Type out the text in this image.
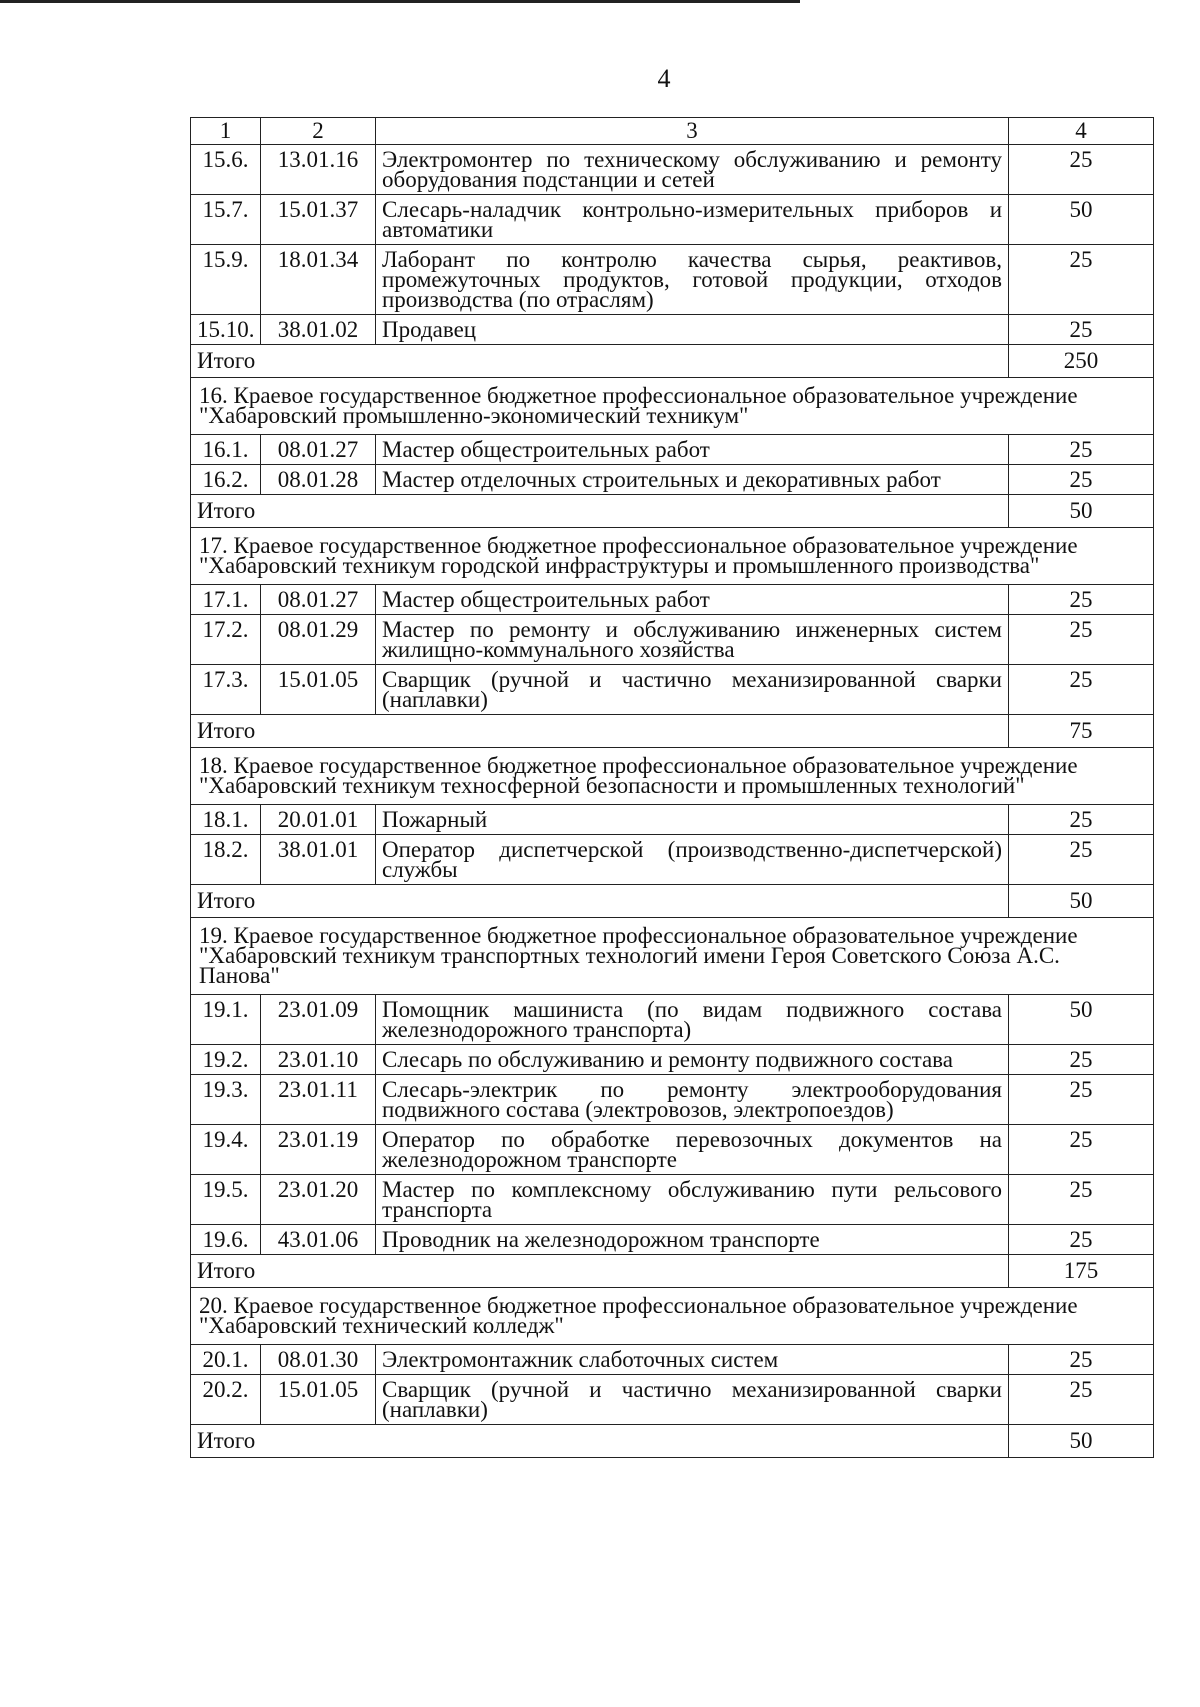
4
1	2	3	4
15.6.	13.01.16	Электромонтер по техническому обслуживанию и ремонту оборудования подстанции и сетей	25
15.7.	15.01.37	Слесарь-наладчик контрольно-измерительных приборов и автоматики	50
15.9.	18.01.34	Лаборант по контролю качества сырья, реактивов, промежуточных продуктов, готовой продукции, отходов производства (по отраслям)	25
15.10.	38.01.02	Продавец	25
Итого			250
16. Краевое государственное бюджетное профессиональное образовательное учреждение "Хабаровский промышленно-экономический техникум"			
16.1.	08.01.27	Мастер общестроительных работ	25
16.2.	08.01.28	Мастер отделочных строительных и декоративных работ	25
Итого			50
17. Краевое государственное бюджетное профессиональное образовательное учреждение "Хабаровский техникум городской инфраструктуры и промышленного производства"			
17.1.	08.01.27	Мастер общестроительных работ	25
17.2.	08.01.29	Мастер по ремонту и обслуживанию инженерных систем жилищно-коммунального хозяйства	25
17.3.	15.01.05	Сварщик (ручной и частично механизированной сварки (наплавки)	25
Итого			75
18. Краевое государственное бюджетное профессиональное образовательное учреждение "Хабаровский техникум техносферной безопасности и промышленных технологий"			
18.1.	20.01.01	Пожарный	25
18.2.	38.01.01	Оператор диспетчерской (производственно-диспетчерской) службы	25
Итого			50
19. Краевое государственное бюджетное профессиональное образовательное учреждение "Хабаровский техникум транспортных технологий имени Героя Советского Союза А.С. Панова"			
19.1.	23.01.09	Помощник машиниста (по видам подвижного состава железнодорожного транспорта)	50
19.2.	23.01.10	Слесарь по обслуживанию и ремонту подвижного состава	25
19.3.	23.01.11	Слесарь-электрик по ремонту электрооборудования подвижного состава (электровозов, электропоездов)	25
19.4.	23.01.19	Оператор по обработке перевозочных документов на железнодорожном транспорте	25
19.5.	23.01.20	Мастер по комплексному обслуживанию пути рельсового транспорта	25
19.6.	43.01.06	Проводник на железнодорожном транспорте	25
Итого			175
20. Краевое государственное бюджетное профессиональное образовательное учреждение "Хабаровский технический колледж"			
20.1.	08.01.30	Электромонтажник слаботочных систем	25
20.2.	15.01.05	Сварщик (ручной и частично механизированной сварки (наплавки)	25
Итого			50
